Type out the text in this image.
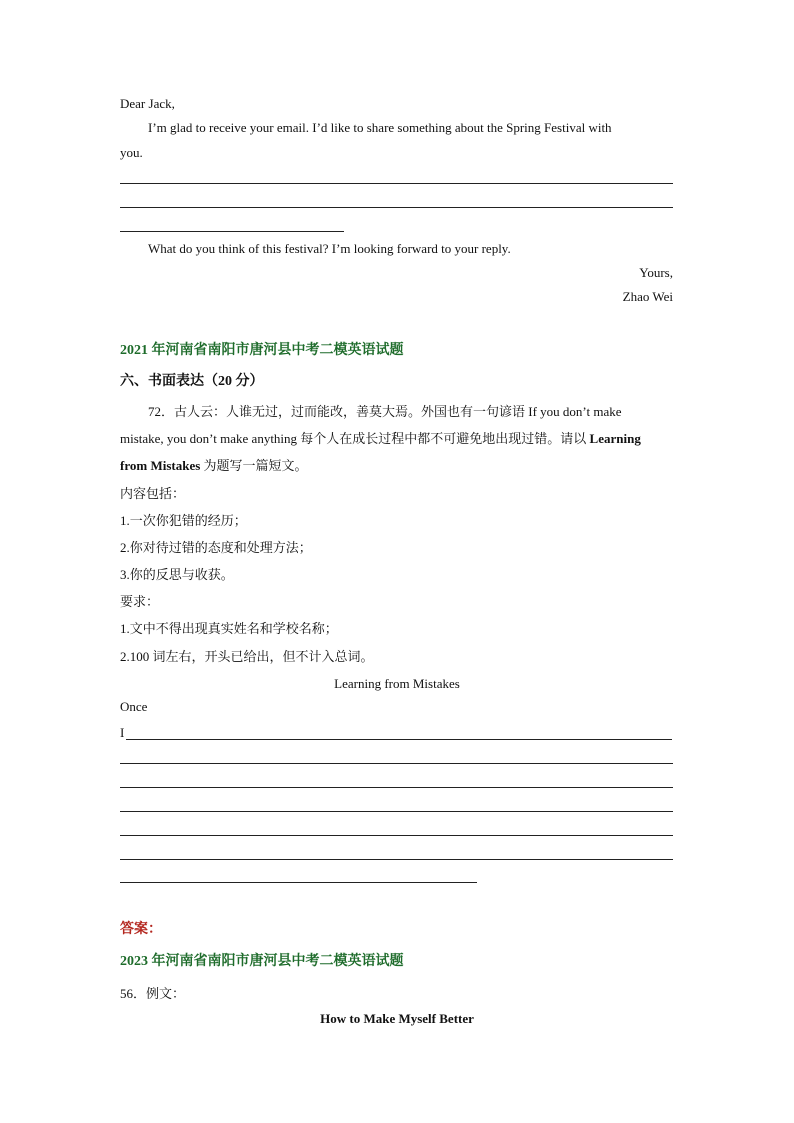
Dear Jack,
I’m glad to receive your email. I’d like to share something about the Spring Festival with
you.
What do you think of this festival? I’m looking forward to your reply.
Yours,
Zhao Wei
2021 年河南省南阳市唐河县中考二模英语试题
六、书面表达（20 分）
72．古人云：人谁无过，过而能改，善莫大焉。外国也有一句谚语 If you don’t make
mistake, you don’t make anything 每个人在成长过程中都不可避免地出现过错。请以 Learning
from Mistakes 为题写一篇短文。
内容包括：
1.一次你犯错的经历；
2.你对待过错的态度和处理方法；
3.你的反思与收获。
要求：
1.文中不得出现真实姓名和学校名称；
2.100 词左右，开头已给出，但不计入总词。
Learning from Mistakes
Once
I
答案：
2023 年河南省南阳市唐河县中考二模英语试题
56．例文：
How to Make Myself Better
